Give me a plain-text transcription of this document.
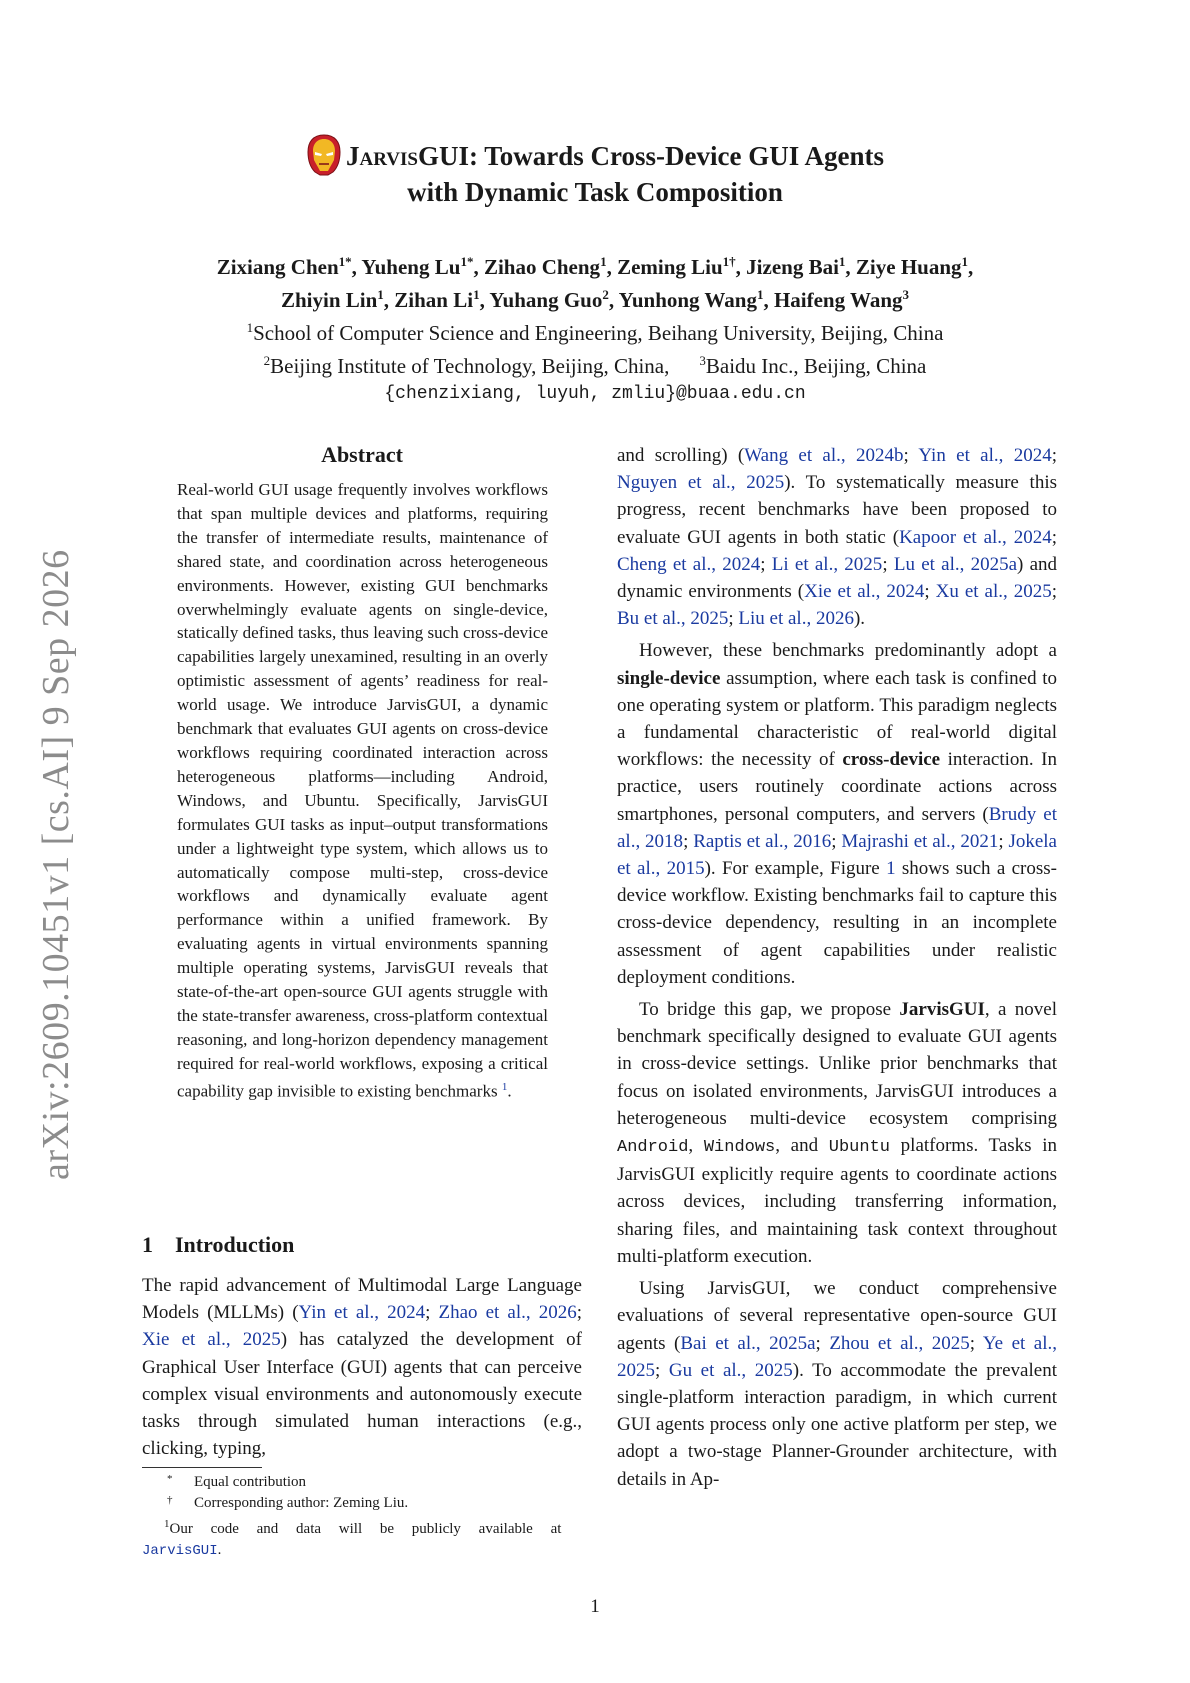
arXiv:2609.10451v1 [cs.AI] 9 Sep 2026
JarvisGUI: Towards Cross-Device GUI Agents
with Dynamic Task Composition
Zixiang Chen$^{1*}$, Yuheng $Lu^{1*}$, Zihao Cheng$^1$, Zeming Liu$^{1\dagger}$, Jizeng Bai$^1$, Ziye Huang$^1$,
Zhiyin Lin$^1$, Zihan Li$^1$, Yuhang Guo$^2$, Yunhong Wang$^1$, Haifeng Wang$^3$
$^1$School of Computer Science and Engineering, Beihang University, Beijing, China
$^2$Beijing Institute of Technology, Beijing, China, $^3$Baidu Inc., Beijing, China
{chenzixiang, luyuh, zmliu}@buaa.edu.cn
Abstract
Real-world GUI usage frequently involves workflows that span multiple devices and platforms, requiring the transfer of intermediate results, maintenance of shared state, and coordination across heterogeneous environments. However, existing GUI benchmarks overwhelmingly evaluate agents on single-device, statically defined tasks, thus leaving such cross-device capabilities largely unexamined, resulting in an overly optimistic assessment of agents’ readiness for real-world usage. We introduce JarvisGUI, a dynamic benchmark that evaluates GUI agents on cross-device workflows requiring coordinated interaction across heterogeneous platforms—including Android, Windows, and Ubuntu. Specifically, JarvisGUI formulates GUI tasks as input–output transformations under a lightweight type system, which allows us to automatically compose multi-step, cross-device workflows and dynamically evaluate agent performance within a unified framework. By evaluating agents in virtual environments spanning multiple operating systems, JarvisGUI reveals that state-of-the-art open-source GUI agents struggle with the state-transfer awareness, cross-platform contextual reasoning, and long-horizon dependency management required for real-world workflows, exposing a critical capability gap invisible to existing benchmarks $^1$.
1 Introduction
The rapid advancement of Multimodal Large Language Models (MLLMs) (Yin et al., 2024; Zhao et al., 2026; Xie et al., 2025) has catalyzed the development of Graphical User Interface (GUI) agents that can perceive complex visual environments and autonomously execute tasks through simulated human interactions (e.g., clicking, typing,
* Equal contribution
† Corresponding author: Zeming Liu.
$^1$Our code and data will be publicly available at
JarvisGUI.

and scrolling) (Wang et al., 2024b; Yin et al., 2024; Nguyen et al., 2025). To systematically measure this progress, recent benchmarks have been proposed to evaluate GUI agents in both static (Kapoor et al., 2024; Cheng et al., 2024; Li et al., 2025; Lu et al., 2025a) and dynamic environments (Xie et al., 2024; Xu et al., 2025; Bu et al., 2025; Liu et al., 2026).

However, these benchmarks predominantly adopt a single-device assumption, where each task is confined to one operating system or platform. This paradigm neglects a fundamental characteristic of real-world digital workflows: the necessity of cross-device interaction. In practice, users routinely coordinate actions across smartphones, personal computers, and servers (Brudy et al., 2018; Raptis et al., 2016; Majrashi et al., 2021; Jokela et al., 2015). For example, Figure 1 shows such a cross-device workflow. Existing benchmarks fail to capture this cross-device dependency, resulting in an incomplete assessment of agent capabilities under realistic deployment conditions.

To bridge this gap, we propose JarvisGUI, a novel benchmark specifically designed to evaluate GUI agents in cross-device settings. Unlike prior benchmarks that focus on isolated environments, JarvisGUI introduces a heterogeneous multi-device ecosystem comprising Android, Windows, and Ubuntu platforms. Tasks in JarvisGUI explicitly require agents to coordinate actions across devices, including transferring information, sharing files, and maintaining task context throughout multi-platform execution.

Using JarvisGUI, we conduct comprehensive evaluations of several representative open-source GUI agents (Bai et al., 2025a; Zhou et al., 2025; Ye et al., 2025; Gu et al., 2025). To accommodate the prevalent single-platform interaction paradigm, in which current GUI agents process only one active platform per step, we adopt a two-stage Planner-Grounder architecture, with details in Ap-

1
